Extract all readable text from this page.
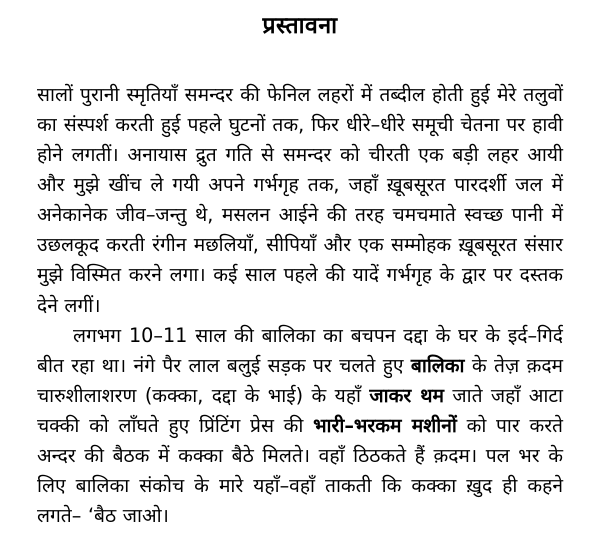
प्रस्तावना

सालों पुरानी स्मृतियाँ समन्दर की फेनिल लहरों में तब्दील होती हुई मेरे तलुवों का संस्पर्श करती हुई पहले घुटनों तक, फिर धीरे–धीरे समूची चेतना पर हावी होने लगतीं। अनायास द्रुत गति से समन्दर को चीरती एक बड़ी लहर आयी और मुझे खींच ले गयी अपने गर्भगृह तक, जहाँ ख़ूबसूरत पारदर्शी जल में अनेकानेक जीव–जन्तु थे, मसलन आईने की तरह चमचमाते स्वच्छ पानी में उछलकूद करती रंगीन मछलियाँ, सीपियाँ और एक सम्मोहक ख़ूबसूरत संसार मुझे विस्मित करने लगा। कई साल पहले की यादें गर्भगृह के द्वार पर दस्तक देने लगीं।

लगभग 10–11 साल की बालिका का बचपन दद्दा के घर के इर्द–गिर्द बीत रहा था। नंगे पैर लाल बलुई सड़क पर चलते हुए बालिका के तेज़ क़दम चारुशीलाशरण (कक्का, दद्दा के भाई) के यहाँ जाकर थम जाते जहाँ आटा चक्की को लाँघते हुए प्रिंटिंग प्रेस की भारी–भरकम मशीनों को पार करते अन्दर की बैठक में कक्का बैठे मिलते। वहाँ ठिठकते हैं क़दम। पल भर के लिए बालिका संकोच के मारे यहाँ–वहाँ ताकती कि कक्का ख़ुद ही कहने लगते– ‘बैठ जाओ।
